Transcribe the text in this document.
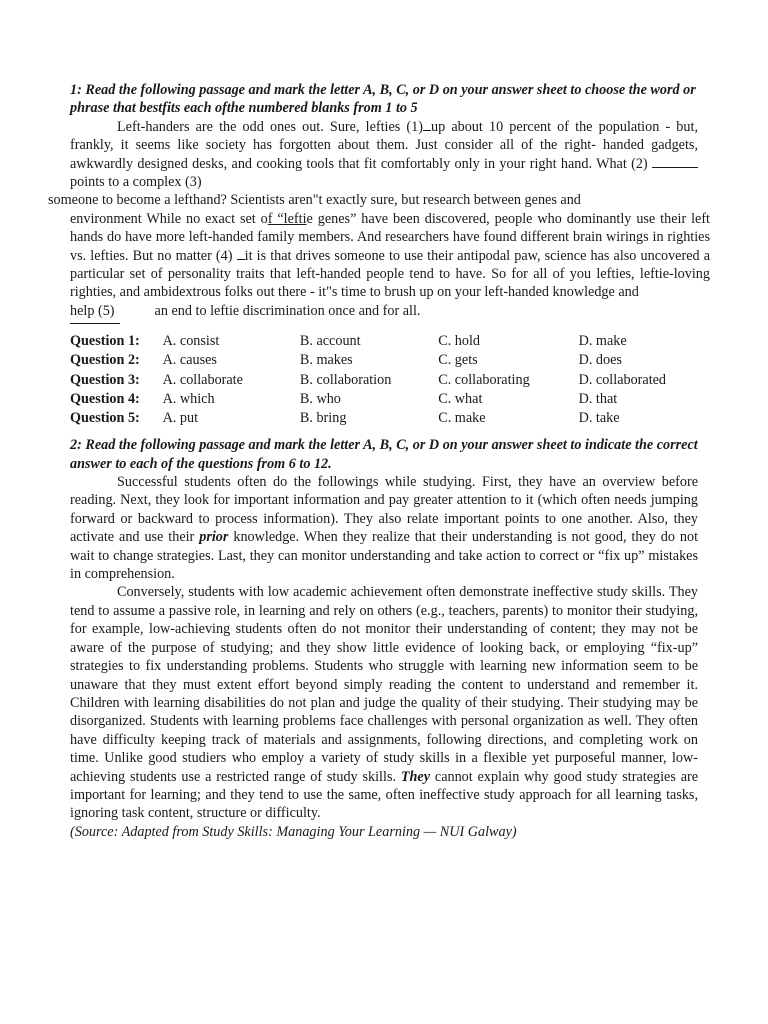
1: Read the following passage and mark the letter A, B, C, or D on your answer sheet to choose the word or phrase that bestfits each ofthe numbered blanks from 1 to 5

Left-handers are the odd ones out. Sure, lefties (1) up about 10 percent of the population - but, frankly, it seems like society has forgotten about them. Just consider all of the right- handed gadgets, awkwardly designed desks, and cooking tools that fit comfortably only in your right hand. What (2) points to a complex (3)

someone to become a lefthand? Scientists aren"t exactly sure, but research between genes and

environment While no exact set of “leftie genes” have been discovered, people who dominantly use their left hands do have more left-handed family members. And researchers have found different brain wirings in righties vs. lefties. But no matter (4) it is that drives someone to use their antipodal paw, science has also uncovered a particular set of personality traits that left-handed people tend to have. So for all of you lefties, leftie-loving righties, and ambidextrous folks out there - it"s time to brush up on your left-handed knowledge and

help (5)	an end to leftie discrimination once and for all.

Question 1:	A. consist	B. account	C. hold	D. make
Question 2:	A. causes	B. makes	C. gets	D. does
Question 3:	A. collaborate	B. collaboration	C. collaborating	D. collaborated
Question 4:	A. which	B. who	C. what	D. that
Question 5:	A. put	B. bring	C. make	D. take

2: Read the following passage and mark the letter A, B, C, or D on your answer sheet to indicate the correct answer to each of the questions from 6 to 12.

Successful students often do the followings while studying. First, they have an overview before reading. Next, they look for important information and pay greater attention to it (which often needs jumping forward or backward to process information). They also relate important points to one another. Also, they activate and use their prior knowledge. When they realize that their understanding is not good, they do not wait to change strategies. Last, they can monitor understanding and take action to correct or “fix up” mistakes in comprehension.

Conversely, students with low academic achievement often demonstrate ineffective study skills. They tend to assume a passive role, in learning and rely on others (e.g., teachers, parents) to monitor their studying, for example, low-achieving students often do not monitor their understanding of content; they may not be aware of the purpose of studying; and they show little evidence of looking back, or employing “fix-up” strategies to fix understanding problems. Students who struggle with learning new information seem to be unaware that they must extent effort beyond simply reading the content to understand and remember it. Children with learning disabilities do not plan and judge the quality of their studying. Their studying may be disorganized. Students with learning problems face challenges with personal organization as well. They often have difficulty keeping track of materials and assignments, following directions, and completing work on time. Unlike good studiers who employ a variety of study skills in a flexible yet purposeful manner, low-achieving students use a restricted range of study skills. They cannot explain why good study strategies are important for learning; and they tend to use the same, often ineffective study approach for all learning tasks, ignoring task content, structure or difficulty.

(Source: Adapted from Study Skills: Managing Your Learning — NUI Galway)
